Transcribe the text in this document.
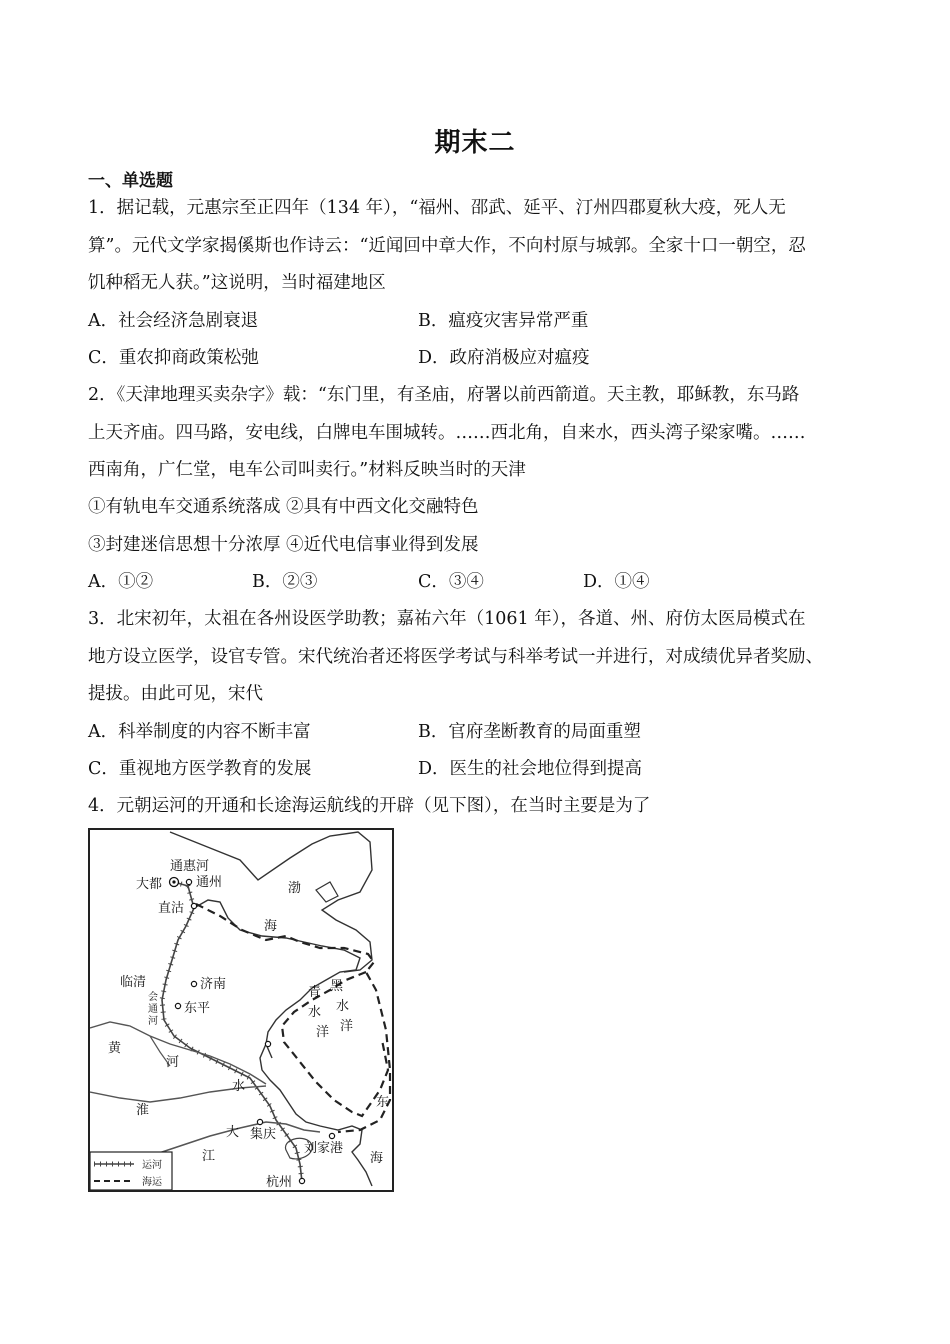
期末二
一、单选题
1．据记载，元惠宗至正四年（134 年），“福州、邵武、延平、汀州四郡夏秋大疫，死人无
算”。元代文学家揭傒斯也作诗云：“近闻回中章大作，不向村原与城郭。全家十口一朝空，忍
饥种稻无人获。”这说明，当时福建地区
A．社会经济急剧衰退	B．瘟疫灾害异常严重
C．重农抑商政策松弛	D．政府消极应对瘟疫
2．《天津地理买卖杂字》载：“东门里，有圣庙，府署以前西箭道。天主教，耶稣教，东马路
上天齐庙。四马路，安电线，白牌电车围城转。……西北角，自来水，西头湾子梁家嘴。……
西南角，广仁堂，电车公司叫卖行。”材料反映当时的天津
①有轨电车交通系统落成 ②具有中西文化交融特色
③封建迷信思想十分浓厚 ④近代电信事业得到发展
A．①②	B．②③	C．③④	D．①④
3．北宋初年，太祖在各州设医学助教；嘉祐六年（1061 年），各道、州、府仿太医局模式在
地方设立医学，设官专管。宋代统治者还将医学考试与科举考试一并进行，对成绩优异者奖励、
提拔。由此可见，宋代
A．科举制度的内容不断丰富	B．官府垄断教育的局面重塑
C．重视地方医学教育的发展	D．医生的社会地位得到提高
4．元朝运河的开通和长途海运航线的开辟（见下图），在当时主要是为了
通惠河
大都	通州
直沽
渤
海
临清	济南
会
通
河
东平
青 黑
水 水
洋 洋
黄
河
水
淮
东
大 集庆
江
刘家港
海
杭州
运河
海运
